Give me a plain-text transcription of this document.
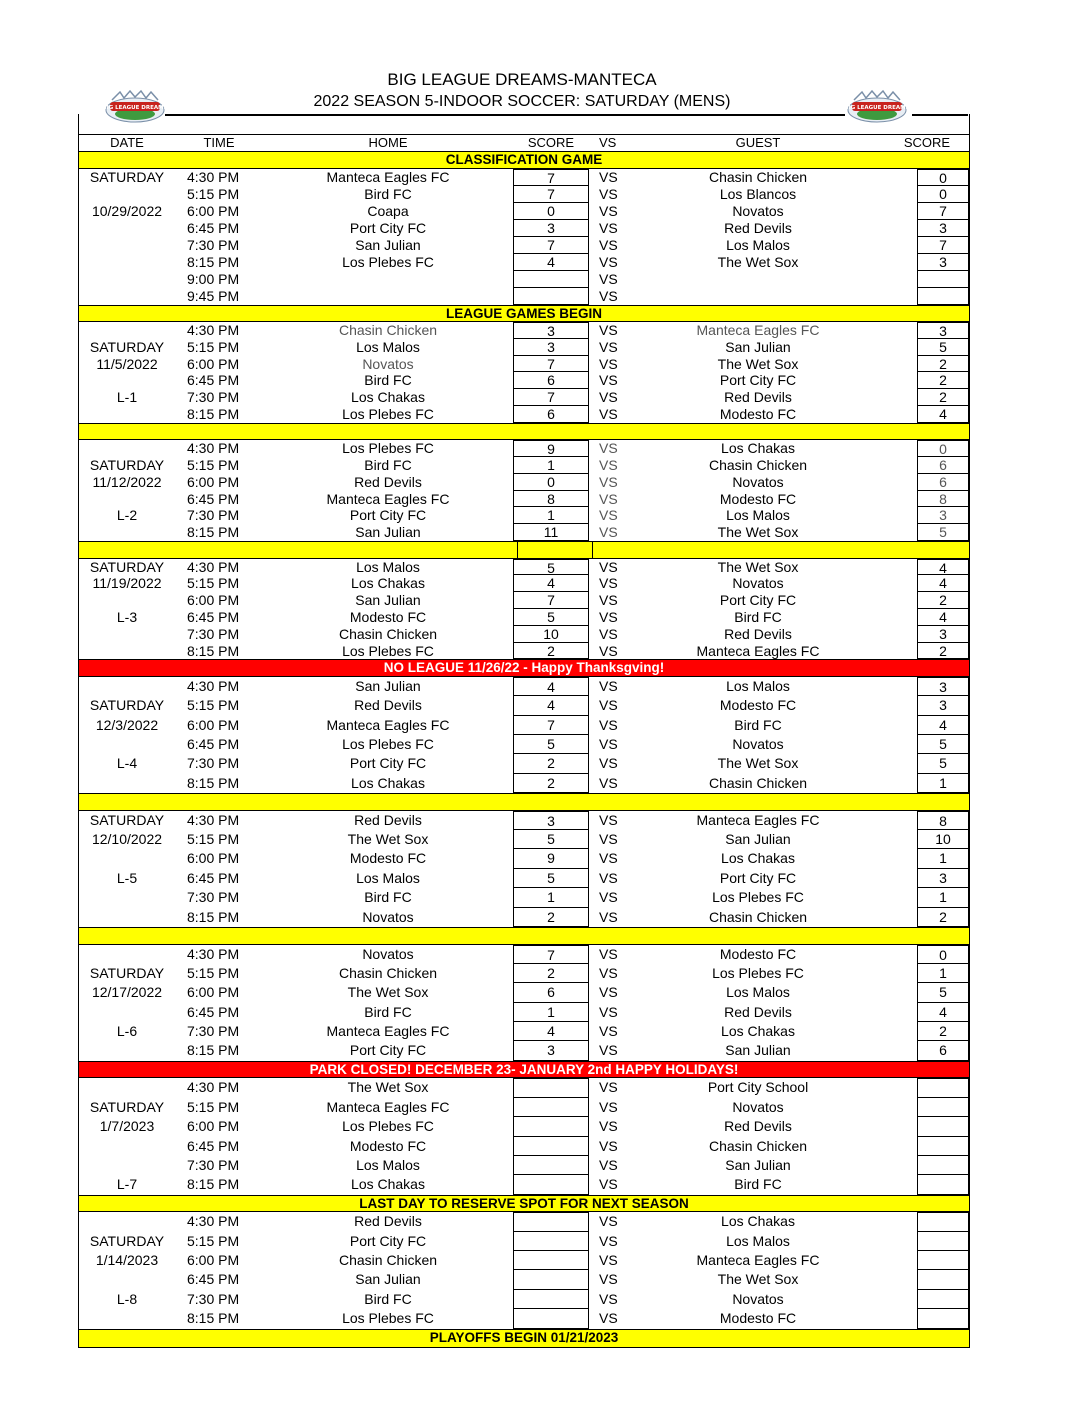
BIG LEAGUE DREAMS
BIG LEAGUE DREAMS-MANTECA
2022 SEASON 5-INDOOR SOCCER: SATURDAY (MENS)	BIG LEAGUE DREAMS
DATE	TIME	HOME	SCORE	VS	GUEST	SCORE
CLASSIFICATION GAME
SATURDAY	4:30 PM	Manteca Eagles FC	7	VS	Chasin Chicken	0
5:15 PM	Bird FC	7	VS	Los Blancos	0
10/29/2022	6:00 PM	Coapa	0	VS	Novatos	7
6:45 PM	Port City FC	3	VS	Red Devils	3
7:30 PM	San Julian	7	VS	Los Malos	7
8:15 PM	Los Plebes FC	4	VS	The Wet Sox	3
9:00 PM	VS
9:45 PM	VS
LEAGUE GAMES BEGIN
4:30 PM	Chasin Chicken	3	VS	Manteca Eagles FC	3
SATURDAY	5:15 PM	Los Malos	3	VS	San Julian	5
11/5/2022	6:00 PM	Novatos	7	VS	The Wet Sox	2
6:45 PM	Bird FC	6	VS	Port City FC	2
L-1	7:30 PM	Los Chakas	7	VS	Red Devils	2
8:15 PM	Los Plebes FC	6	VS	Modesto FC	4
4:30 PM	Los Plebes FC	9	VS	Los Chakas	0
SATURDAY	5:15 PM	Bird FC	1	VS	Chasin Chicken	6
11/12/2022	6:00 PM	Red Devils	0	VS	Novatos	6
6:45 PM	Manteca Eagles FC	8	VS	Modesto FC	8
L-2	7:30 PM	Port City FC	1	VS	Los Malos	3
8:15 PM	San Julian	11	VS	The Wet Sox	5
SATURDAY	4:30 PM	Los Malos	5	VS	The Wet Sox	4
11/19/2022	5:15 PM	Los Chakas	4	VS	Novatos	4
6:00 PM	San Julian	7	VS	Port City FC	2
L-3	6:45 PM	Modesto FC	5	VS	Bird FC	4
7:30 PM	Chasin Chicken	10	VS	Red Devils	3
8:15 PM	Los Plebes FC	2	VS	Manteca Eagles FC	2
NO LEAGUE 11/26/22 - Happy Thanksgving!
4:30 PM	San Julian	4	VS	Los Malos	3
SATURDAY	5:15 PM	Red Devils	4	VS	Modesto FC	3
12/3/2022	6:00 PM	Manteca Eagles FC	7	VS	Bird FC	4
6:45 PM	Los Plebes FC	5	VS	Novatos	5
L-4	7:30 PM	Port City FC	2	VS	The Wet Sox	5
8:15 PM	Los Chakas	2	VS	Chasin Chicken	1
SATURDAY	4:30 PM	Red Devils	3	VS	Manteca Eagles FC	8
12/10/2022	5:15 PM	The Wet Sox	5	VS	San Julian	10
6:00 PM	Modesto FC	9	VS	Los Chakas	1
L-5	6:45 PM	Los Malos	5	VS	Port City FC	3
7:30 PM	Bird FC	1	VS	Los Plebes FC	1
8:15 PM	Novatos	2	VS	Chasin Chicken	2
4:30 PM	Novatos	7	VS	Modesto FC	0
SATURDAY	5:15 PM	Chasin Chicken	2	VS	Los Plebes FC	1
12/17/2022	6:00 PM	The Wet Sox	6	VS	Los Malos	5
6:45 PM	Bird FC	1	VS	Red Devils	4
L-6	7:30 PM	Manteca Eagles FC	4	VS	Los Chakas	2
8:15 PM	Port City FC	3	VS	San Julian	6
PARK CLOSED! DECEMBER 23- JANUARY 2nd HAPPY HOLIDAYS!
4:30 PM	The Wet Sox	VS	Port City School
SATURDAY	5:15 PM	Manteca Eagles FC	VS	Novatos
1/7/2023	6:00 PM	Los Plebes FC	VS	Red Devils
6:45 PM	Modesto FC	VS	Chasin Chicken
7:30 PM	Los Malos	VS	San Julian
L-7	8:15 PM	Los Chakas	VS	Bird FC
LAST DAY TO RESERVE SPOT FOR NEXT SEASON
4:30 PM	Red Devils	VS	Los Chakas
SATURDAY	5:15 PM	Port City FC	VS	Los Malos
1/14/2023	6:00 PM	Chasin Chicken	VS	Manteca Eagles FC
6:45 PM	San Julian	VS	The Wet Sox
L-8	7:30 PM	Bird FC	VS	Novatos
8:15 PM	Los Plebes FC	VS	Modesto FC
PLAYOFFS BEGIN 01/21/2023
